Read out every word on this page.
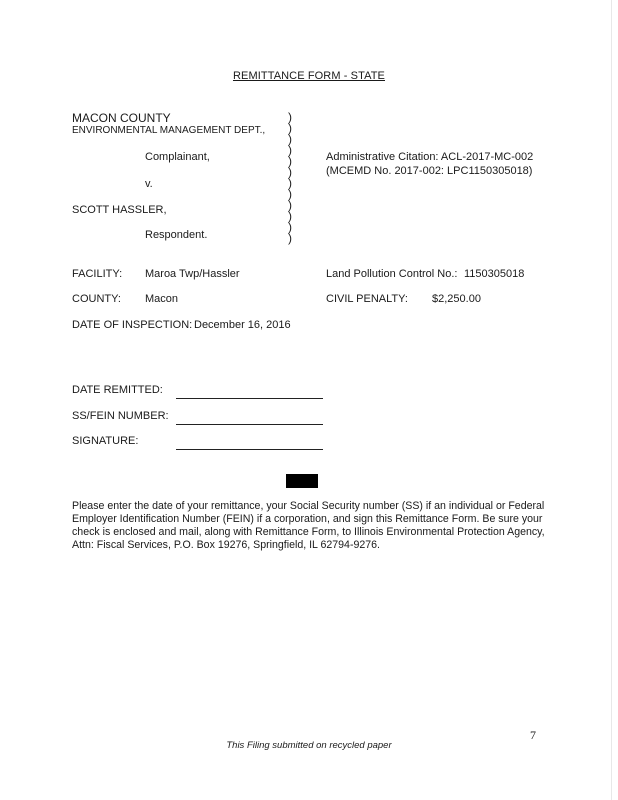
REMITTANCE FORM - STATE
MACON COUNTY
ENVIRONMENTAL MANAGEMENT DEPT.,
Complainant,
v.
SCOTT HASSLER,
Respondent.
)
)
)
)
)
)
)
)
)
)
)
)
Administrative Citation: ACL-2017-MC-002
(MCEMD No. 2017-002: LPC1150305018)
FACILITY: Maroa Twp/Hassler	Land Pollution Control No.: 1150305018
COUNTY: Macon	CIVIL PENALTY: $2,250.00
DATE OF INSPECTION: December 16, 2016
DATE REMITTED:
SS/FEIN NUMBER:
SIGNATURE:
Please enter the date of your remittance, your Social Security number (SS) if an individual or Federal Employer Identification Number (FEIN) if a corporation, and sign this Remittance Form. Be sure your check is enclosed and mail, along with Remittance Form, to Illinois Environmental Protection Agency, Attn: Fiscal Services, P.O. Box 19276, Springfield, IL 62794-9276.
7
This Filing submitted on recycled paper
